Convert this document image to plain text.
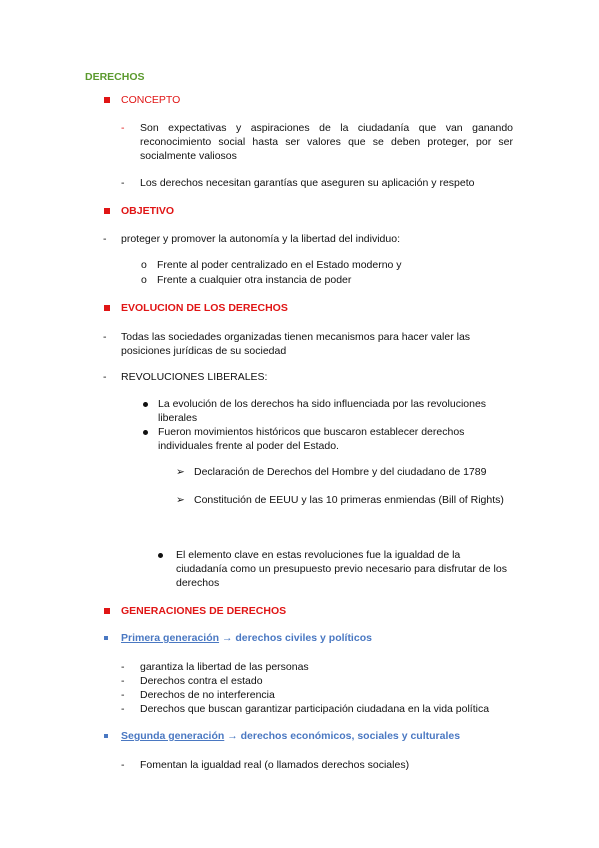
DERECHOS
CONCEPTO
- Son expectativas y aspiraciones de la ciudadanía que van ganando reconocimiento social hasta ser valores que se deben proteger, por ser socialmente valiosos
- Los derechos necesitan garantías que aseguren su aplicación y respeto
OBJETIVO
- proteger y promover la autonomía y la libertad del individuo:
o Frente al poder centralizado en el Estado moderno y
o Frente a cualquier otra instancia de poder
EVOLUCION DE LOS DERECHOS
- Todas las sociedades organizadas tienen mecanismos para hacer valer las posiciones jurídicas de su sociedad
- REVOLUCIONES LIBERALES:
La evolución de los derechos ha sido influenciada por las revoluciones liberales
Fueron movimientos históricos que buscaron establecer derechos individuales frente al poder del Estado.
➢ Declaración de Derechos del Hombre y del ciudadano de 1789
➢ Constitución de EEUU y las 10 primeras enmiendas (Bill of Rights)
El elemento clave en estas revoluciones fue la igualdad de la ciudadanía como un presupuesto previo necesario para disfrutar de los derechos
GENERACIONES DE DERECHOS
Primera generación → derechos civiles y políticos
- garantiza la libertad de las personas
- Derechos contra el estado
- Derechos de no interferencia
- Derechos que buscan garantizar participación ciudadana en la vida política
Segunda generación → derechos económicos, sociales y culturales
- Fomentan la igualdad real (o llamados derechos sociales)
